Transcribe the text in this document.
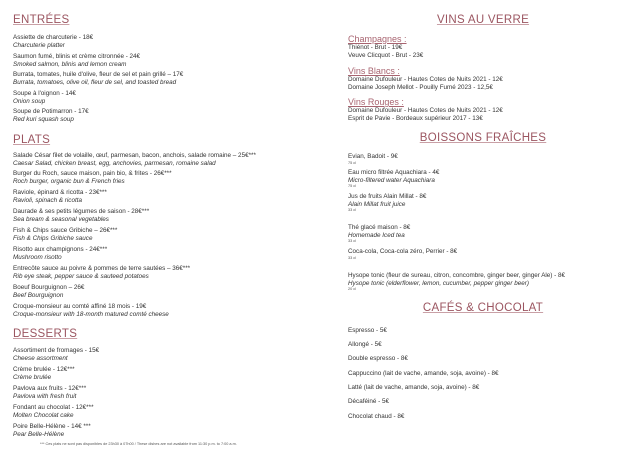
ENTRÉES
Assiette de charcuterie - 18€
Charcuterie platter
Saumon fumé, blinis et crème citronnée - 24€
Smoked salmon, blinis and lemon cream
Burrata, tomates, huile d'olive, fleur de sel et pain grillé – 17€
Burrata, tomatoes, olive oil, fleur de sel, and toasted bread
Soupe à l'oignon - 14€
Onion soup
Soupe de Potimarron - 17€
Red kuri squash soup
PLATS
Salade César filet de volaille, œuf, parmesan, bacon, anchois, salade romaine – 25€***
Caesar Salad, chicken breast, egg, anchovies, parmesan, romaine salad
Burger du Roch, sauce maison, pain bio, & frites - 26€***
Roch burger, organic bun & French fries
Raviole, épinard & ricotta - 23€***
Ravioli, spinach & ricotta
Daurade & ses petits légumes de saison - 28€***
Sea bream & seasonal vegetables
Fish & Chips sauce Gribiche – 26€***
Fish & Chips Gribiche sauce
Risotto aux champignons - 24€***
Mushroom risotto
Entrecôte sauce au poivre & pommes de terre sautées – 36€***
Rib eye steak, pepper sauce & sauteed potatoes
Boeuf Bourguignon – 26€
Beef Bourguignon
Croque-monsieur au comté affiné 18 mois - 19€
Croque-monsieur with 18-month matured comté cheese
DESSERTS
Assortiment de fromages - 15€
Cheese assortment
Crème brulée - 12€***
Crème brulée
Pavlova aux fruits - 12€***
Pavlova with fresh fruit
Fondant au chocolat - 12€***
Molten Chocolat cake
Poire Belle-Hélène - 14€ ***
Pear Belle-Hélène
*** Ces plats ne sont pas disponibles de 23h30 à 07h00 / These dishes are not available from 11:30 p.m. to 7:00 a.m.
VINS AU VERRE
Champagnes :
Thiénot - Brut - 19€
Veuve Clicquot - Brut - 23€
Vins Blancs :
Domaine Dufouleur - Hautes Cotes de Nuits 2021 - 12€
Domaine Joseph Mellot - Pouilly Fumé 2023 - 12,5€
Vins Rouges :
Domaine Dufouleur - Hautes Cotes de Nuits 2021 - 12€
Esprit de Pavie - Bordeaux supérieur 2017 - 13€
BOISSONS FRAÎCHES
Evian, Badoit - 9€
75 cl
Eau micro filtrée Aquachiara - 4€
Micro-filtered water Aquachiara
75 cl
Jus de fruits Alain Millat - 8€
Alain Millat fruit juice
33 cl
Thé glacé maison - 8€
Homemade Iced tea
33 cl
Coca-cola, Coca-cola zéro, Perrier - 8€
33 cl
Hysope tonic (fleur de sureau, citron, concombre, ginger beer, ginger Ale) - 8€
Hysope tonic (elderflower, lemon, cucumber, pepper ginger beer)
20 cl
CAFÉS & CHOCOLAT
Espresso - 5€
Allongé - 5€
Double espresso - 8€
Cappuccino (lait de vache, amande, soja, avoine) - 8€
Latté (lait de vache, amande, soja, avoine) - 8€
Décaféiné - 5€
Chocolat chaud - 8€
